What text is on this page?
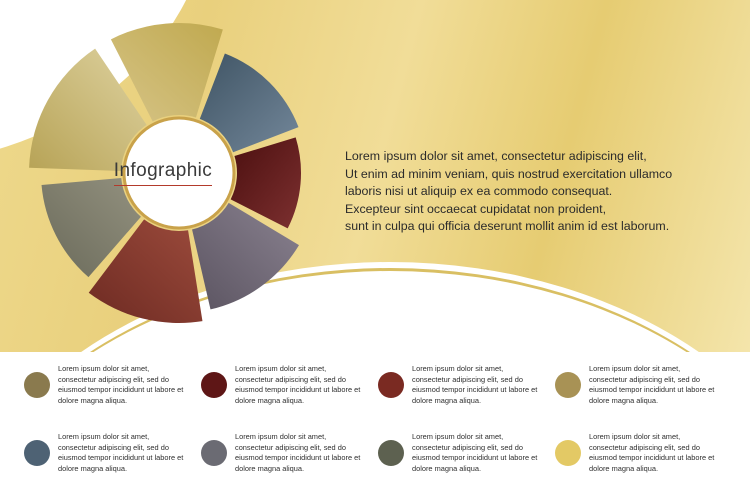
Infographic

Lorem ipsum dolor sit amet, consectetur adipiscing elit,

Ut enim ad minim veniam, quis nostrud exercitation ullamco

laboris nisi ut aliquip ex ea commodo consequat.

Excepteur sint occaecat cupidatat non proident,

sunt in culpa qui officia deserunt mollit anim id est laborum.

Lorem ipsum dolor sit amet, consectetur adipiscing elit, sed do eiusmod tempor incididunt ut labore et dolore magna aliqua.
Lorem ipsum dolor sit amet, consectetur adipiscing elit, sed do eiusmod tempor incididunt ut labore et dolore magna aliqua.
Lorem ipsum dolor sit amet, consectetur adipiscing elit, sed do eiusmod tempor incididunt ut labore et dolore magna aliqua.
Lorem ipsum dolor sit amet, consectetur adipiscing elit, sed do eiusmod tempor incididunt ut labore et dolore magna aliqua.
Lorem ipsum dolor sit amet, consectetur adipiscing elit, sed do eiusmod tempor incididunt ut labore et dolore magna aliqua.
Lorem ipsum dolor sit amet, consectetur adipiscing elit, sed do eiusmod tempor incididunt ut labore et dolore magna aliqua.
Lorem ipsum dolor sit amet, consectetur adipiscing elit, sed do eiusmod tempor incididunt ut labore et dolore magna aliqua.
Lorem ipsum dolor sit amet, consectetur adipiscing elit, sed do eiusmod tempor incididunt ut labore et dolore magna aliqua.
